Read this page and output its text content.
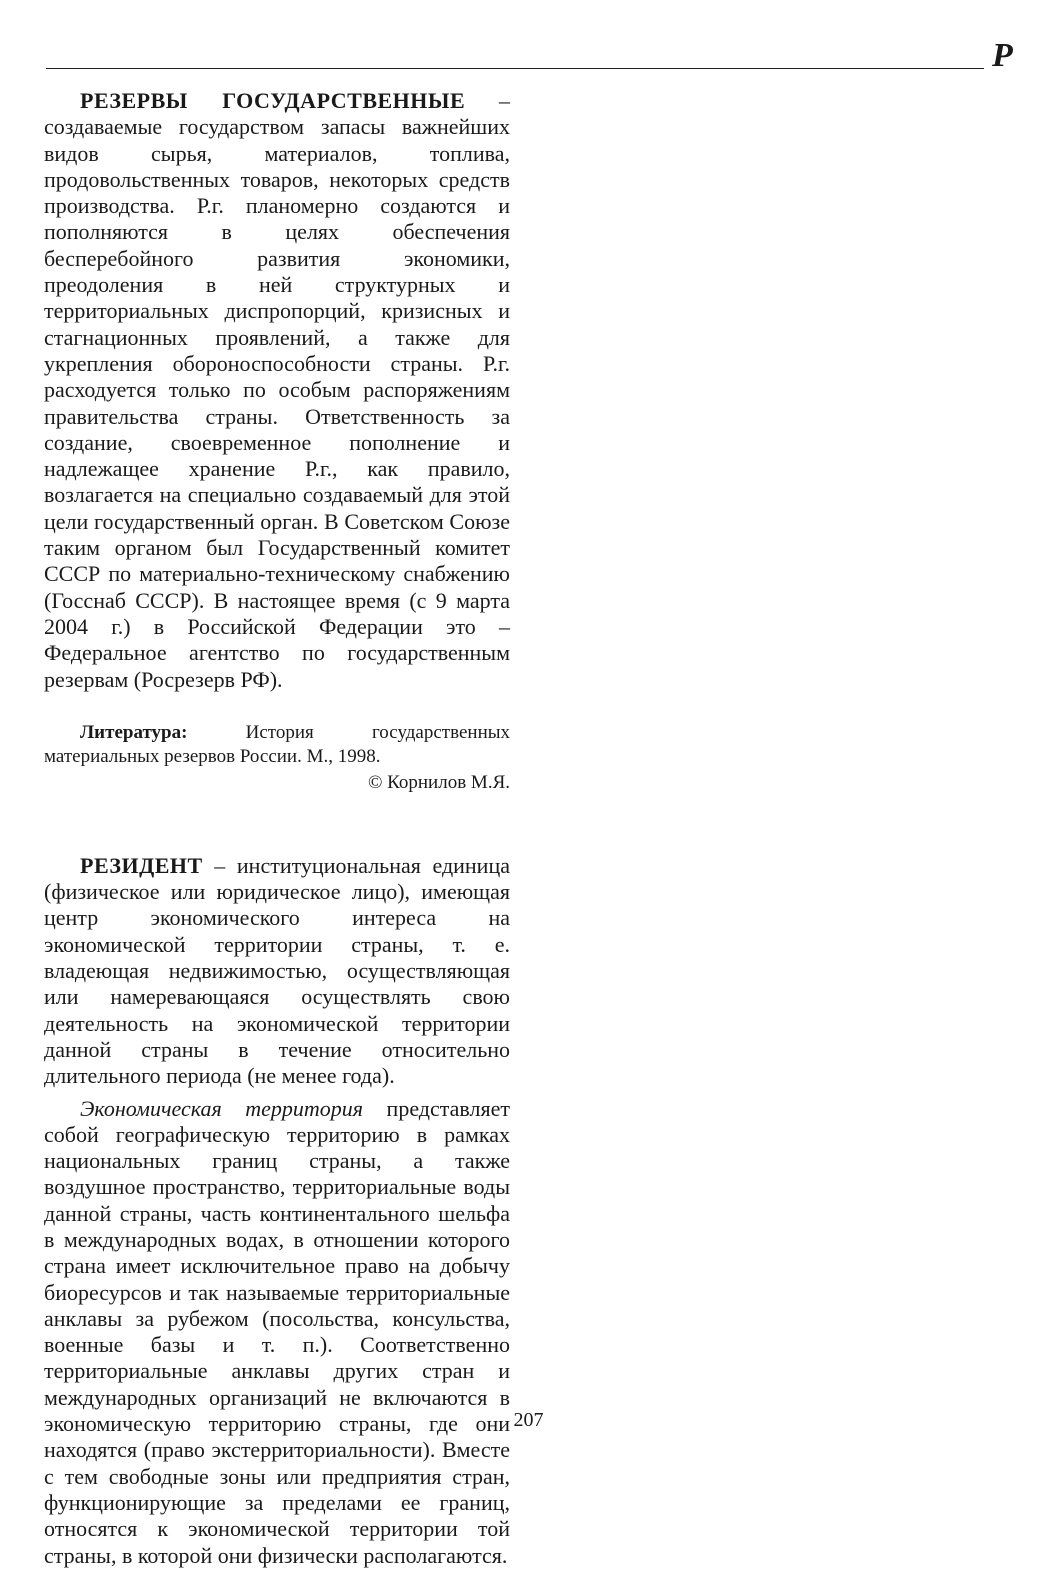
Р

РЕЗЕРВЫ ГОСУДАРСТВЕННЫЕ – создаваемые государством запасы важнейших видов сырья, материалов, топлива, продовольственных товаров, некоторых средств производства. Р.г. планомерно создаются и пополняются в целях обеспечения бесперебойного развития экономики, преодоления в ней структурных и территориальных диспропорций, кризисных и стагнационных проявлений, а также для укрепления обороноспособности страны. Р.г. расходуется только по особым распоряжениям правительства страны. Ответственность за создание, своевременное пополнение и надлежащее хранение Р.г., как правило, возлагается на специально создаваемый для этой цели государственный орган. В Советском Союзе таким органом был Государственный комитет СССР по материально-техническому снабжению (Госснаб СССР). В настоящее время (с 9 марта 2004 г.) в Российской Федерации это – Федеральное агентство по государственным резервам (Росрезерв РФ).

Литература: История государственных материальных резервов России. М., 1998.

© Корнилов М.Я.

РЕЗИДЕНТ – институциональная единица (физическое или юридическое лицо), имеющая центр экономического интереса на экономической территории страны, т. е. владеющая недвижимостью, осуществляющая или намеревающаяся осуществлять свою деятельность на экономической территории данной страны в течение относительно длительного периода (не менее года).

Экономическая территория представляет собой географическую территорию в рамках национальных границ страны, а также воздушное пространство, территориальные воды данной страны, часть континентального шельфа в международных водах, в отношении которого страна имеет исключительное право на добычу биоресурсов и так называемые территориальные анклавы за рубежом (посольства, консульства, военные базы и т. п.). Соответственно территориальные анклавы других стран и международных организаций не включаются в экономическую территорию страны, где они находятся (право экстерриториальности). Вместе с тем свободные зоны или предприятия стран, функционирующие за пределами ее границ, относятся к экономической территории той страны, в которой они физически располагаются.

207
